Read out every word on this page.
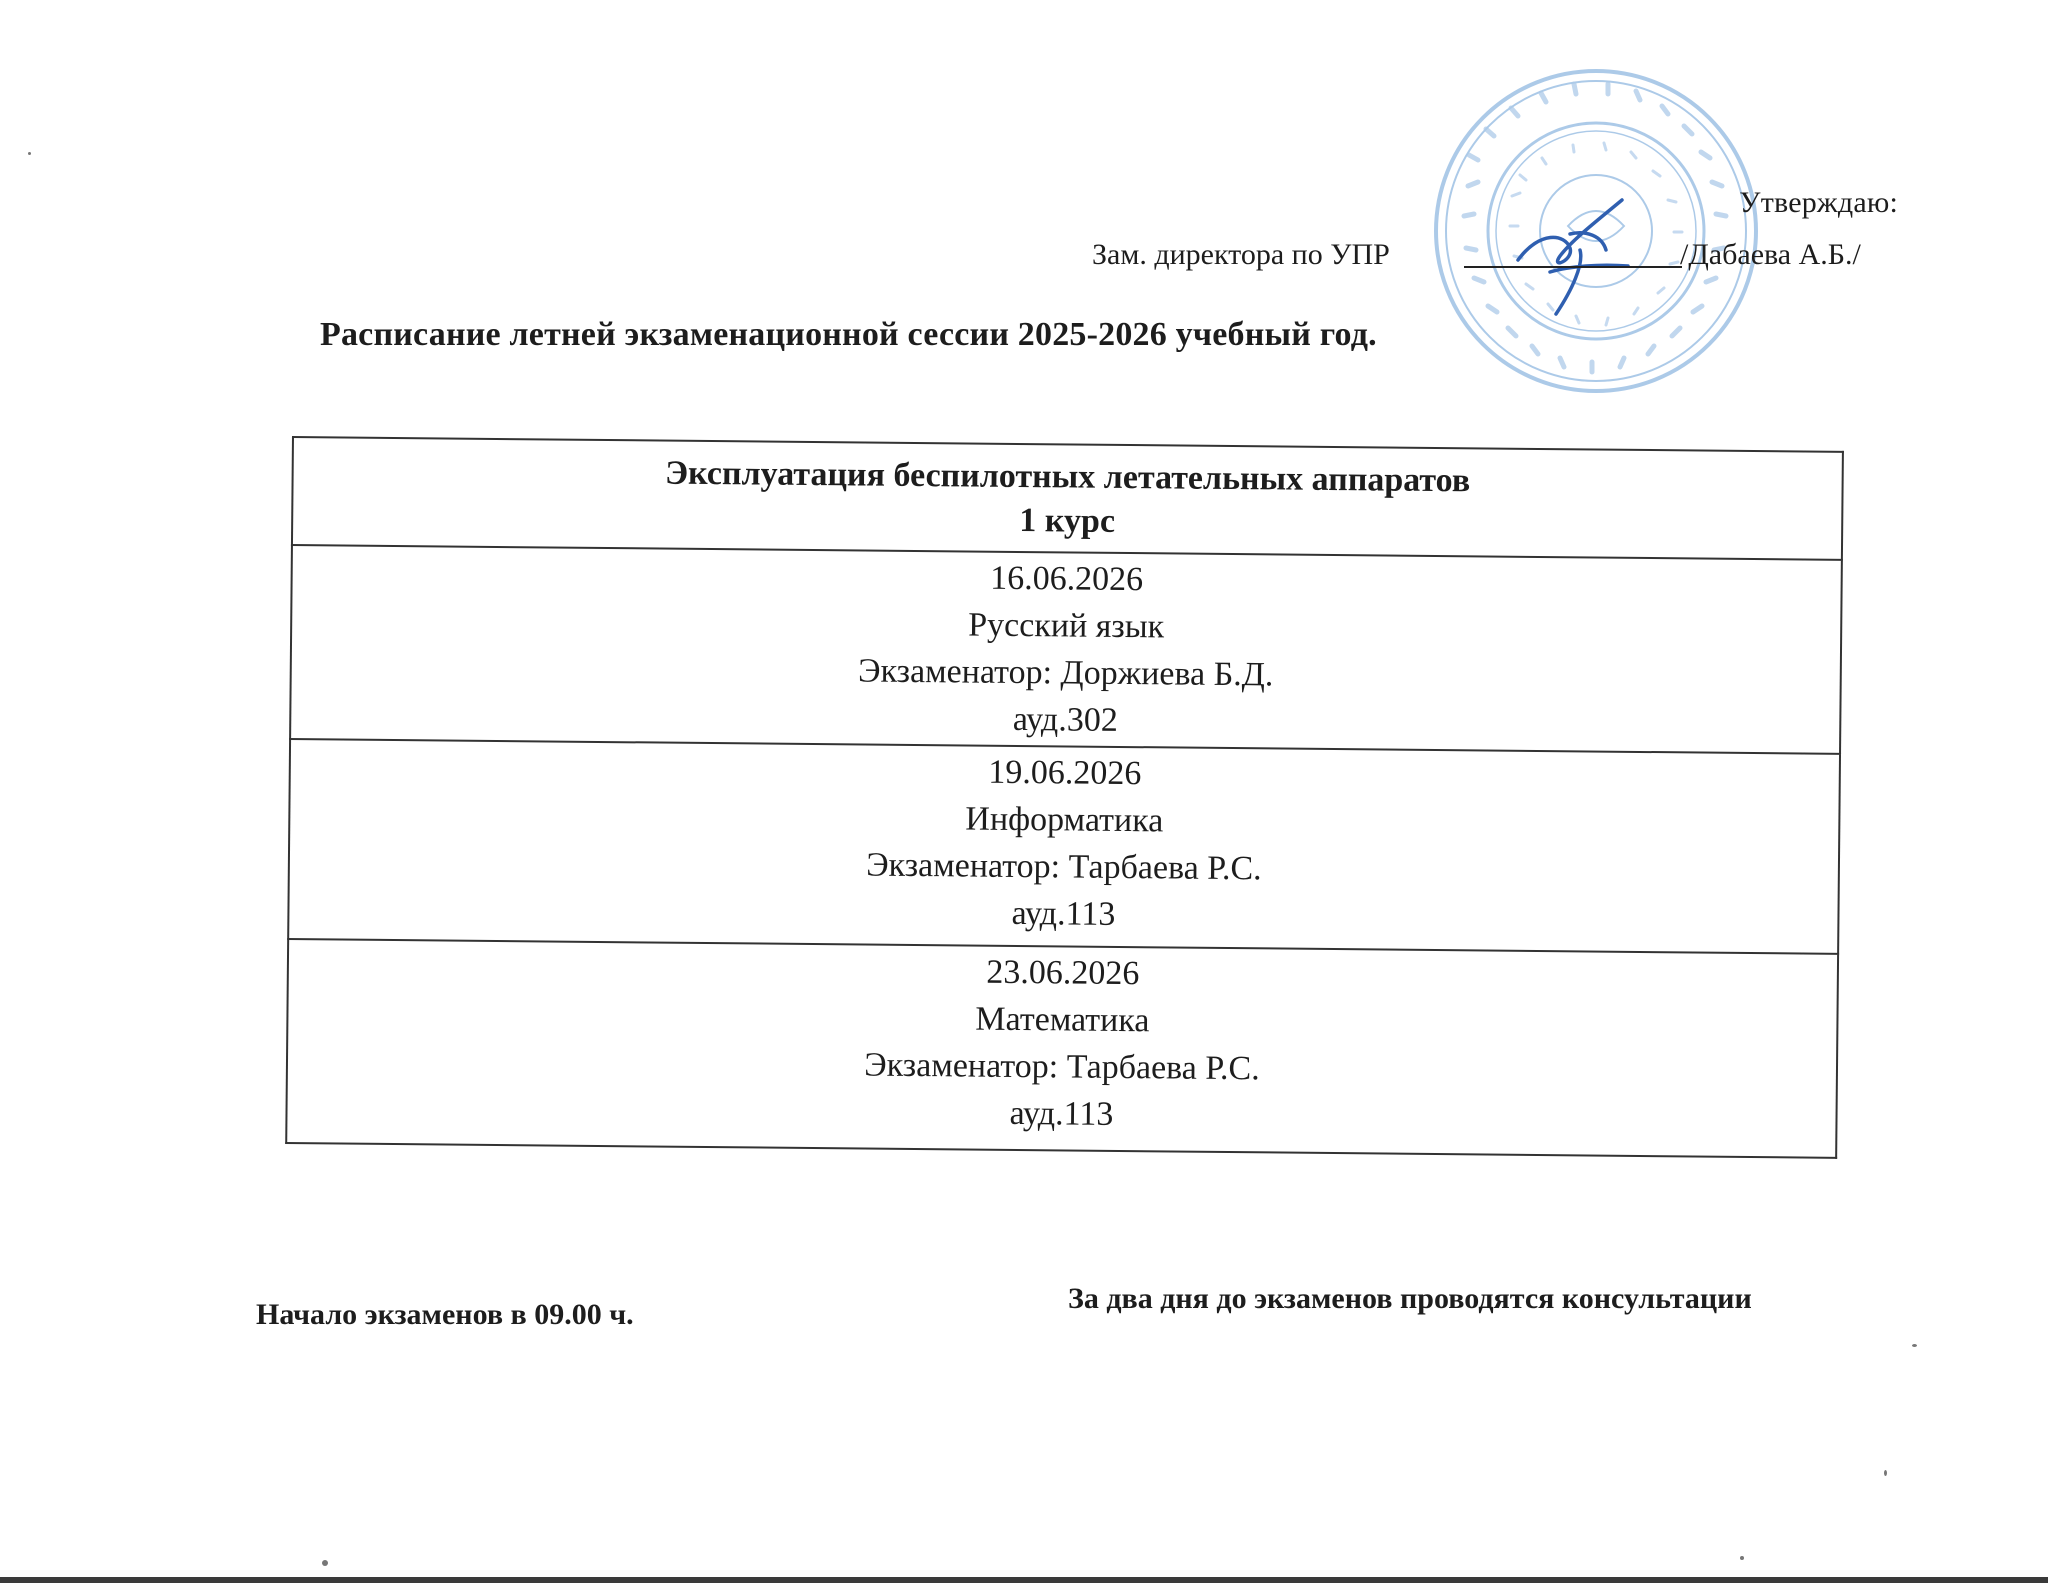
Утверждаю:
Зам. директора по УПР	/Дабаева А.Б./
Расписание летней экзаменационной сессии 2025-2026 учебный год.
Эксплуатация беспилотных летательных аппаратов
1 курс

16.06.2026
Русский язык
Экзаменатор: Доржиева Б.Д.
ауд.302

19.06.2026
Информатика
Экзаменатор: Тарбаева Р.С.
ауд.113

23.06.2026
Математика
Экзаменатор: Тарбаева Р.С.
ауд.113
Начало экзаменов в 09.00 ч.	За два дня до экзаменов проводятся консультации
